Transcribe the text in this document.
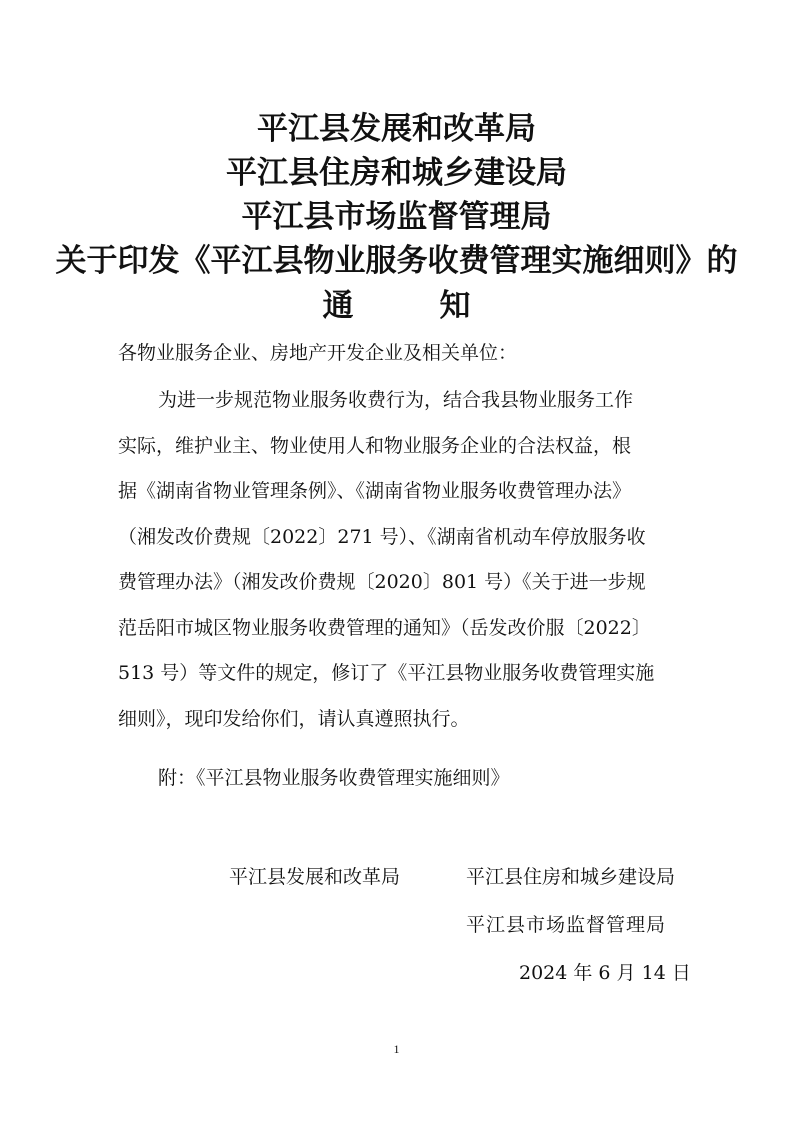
平江县发展和改革局
平江县住房和城乡建设局
平江县市场监督管理局
关于印发《平江县物业服务收费管理实施细则》的
通	知
各物业服务企业、房地产开发企业及相关单位：
为进一步规范物业服务收费行为，结合我县物业服务工作
实际，维护业主、物业使用人和物业服务企业的合法权益，根
据《湖南省物业管理条例》、《湖南省物业服务收费管理办法》
（湘发改价费规〔2022〕271 号）、《湖南省机动车停放服务收
费管理办法》（湘发改价费规〔2020〕801 号）《关于进一步规
范岳阳市城区物业服务收费管理的通知》（岳发改价服〔2022〕
513 号）等文件的规定，修订了《平江县物业服务收费管理实施
细则》，现印发给你们，请认真遵照执行。
附：《平江县物业服务收费管理实施细则》
平江县发展和改革局	平江县住房和城乡建设局
平江县市场监督管理局
2024 年 6 月 14 日
1
